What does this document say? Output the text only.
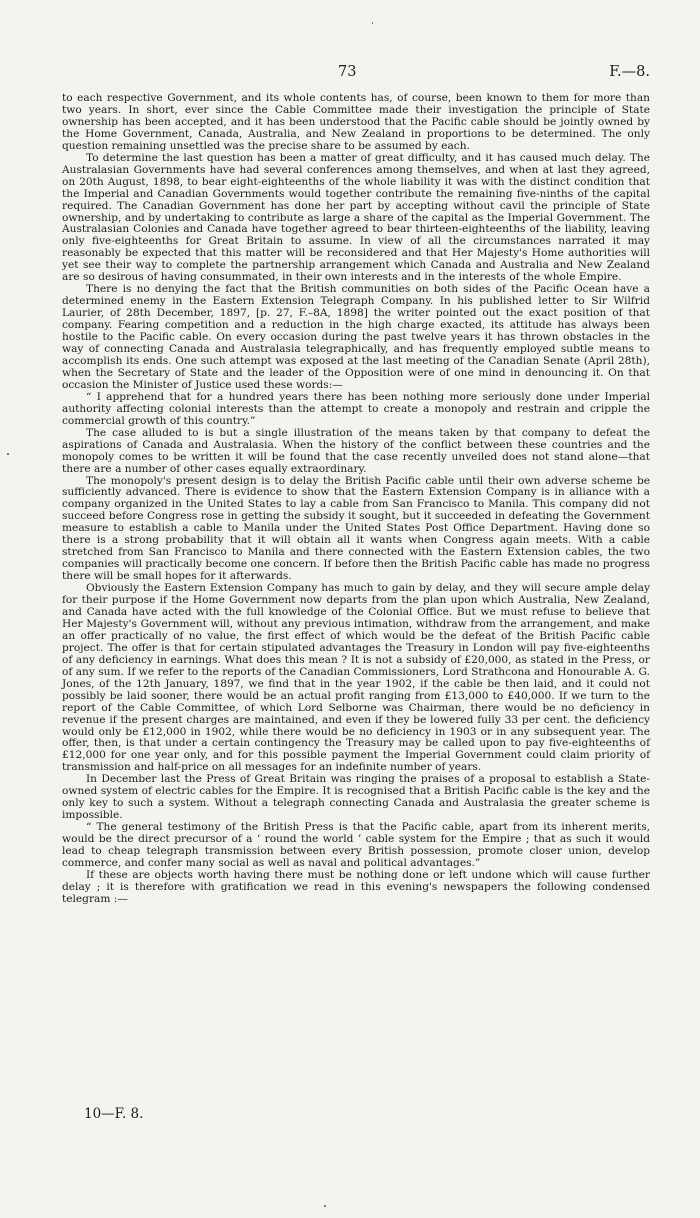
73	F.—8.

to each respective Government, and its whole contents has, of course, been known to them for more than two years. In short, ever since the Cable Committee made their investigation the principle of State ownership has been accepted, and it has been understood that the Pacific cable should be jointly owned by the Home Government, Canada, Australia, and New Zealand in proportions to be determined. The only question remaining unsettled was the precise share to be assumed by each.

To determine the last question has been a matter of great difficulty, and it has caused much delay. The Australasian Governments have had several conferences among themselves, and when at last they agreed, on 20th August, 1898, to bear eight-eighteenths of the whole liability it was with the distinct condition that the Imperial and Canadian Governments would together contribute the remaining five-ninths of the capital required. The Canadian Government has done her part by accepting without cavil the principle of State ownership, and by undertaking to contribute as large a share of the capital as the Imperial Government. The Australasian Colonies and Canada have together agreed to bear thirteen-eighteenths of the liability, leaving only five-eighteenths for Great Britain to assume. In view of all the circumstances narrated it may reasonably be expected that this matter will be reconsidered and that Her Majesty's Home authorities will yet see their way to complete the partnership arrangement which Canada and Australia and New Zealand are so desirous of having consummated, in their own interests and in the interests of the whole Empire.

There is no denying the fact that the British communities on both sides of the Pacific Ocean have a determined enemy in the Eastern Extension Telegraph Company. In his published letter to Sir Wilfrid Laurier, of 28th December, 1897, [p. 27, F.–8A, 1898] the writer pointed out the exact position of that company. Fearing competition and a reduction in the high charge exacted, its attitude has always been hostile to the Pacific cable. On every occasion during the past twelve years it has thrown obstacles in the way of connecting Canada and Australasia telegraphically, and has frequently employed subtle means to accomplish its ends. One such attempt was exposed at the last meeting of the Canadian Senate (April 28th), when the Secretary of State and the leader of the Opposition were of one mind in denouncing it. On that occasion the Minister of Justice used these words:—

“ I apprehend that for a hundred years there has been nothing more seriously done under Imperial authority affecting colonial interests than the attempt to create a monopoly and restrain and cripple the commercial growth of this country.”

The case alluded to is but a single illustration of the means taken by that company to defeat the aspirations of Canada and Australasia. When the history of the conflict between these countries and the monopoly comes to be written it will be found that the case recently unveiled does not stand alone—that there are a number of other cases equally extraordinary.

The monopoly's present design is to delay the British Pacific cable until their own adverse scheme be sufficiently advanced. There is evidence to show that the Eastern Extension Company is in alliance with a company organized in the United States to lay a cable from San Francisco to Manila. This company did not succeed before Congress rose in getting the subsidy it sought, but it succeeded in defeating the Government measure to establish a cable to Manila under the United States Post Office Department. Having done so there is a strong probability that it will obtain all it wants when Congress again meets. With a cable stretched from San Francisco to Manila and there connected with the Eastern Extension cables, the two companies will practically become one concern. If before then the British Pacific cable has made no progress there will be small hopes for it afterwards.

Obviously the Eastern Extension Company has much to gain by delay, and they will secure ample delay for their purpose if the Home Government now departs from the plan upon which Australia, New Zealand, and Canada have acted with the full knowledge of the Colonial Office. But we must refuse to believe that Her Majesty's Government will, without any previous intimation, withdraw from the arrangement, and make an offer practically of no value, the first effect of which would be the defeat of the British Pacific cable project. The offer is that for certain stipulated advantages the Treasury in London will pay five-eighteenths of any deficiency in earnings. What does this mean ? It is not a subsidy of £20,000, as stated in the Press, or of any sum. If we refer to the reports of the Canadian Commissioners, Lord Strathcona and Honourable A. G. Jones, of the 12th January, 1897, we find that in the year 1902, if the cable be then laid, and it could not possibly be laid sooner, there would be an actual profit ranging from £13,000 to £40,000. If we turn to the report of the Cable Committee, of which Lord Selborne was Chairman, there would be no deficiency in revenue if the present charges are maintained, and even if they be lowered fully 33 per cent. the deficiency would only be £12,000 in 1902, while there would be no deficiency in 1903 or in any subsequent year. The offer, then, is that under a certain contingency the Treasury may be called upon to pay five-eighteenths of £12,000 for one year only, and for this possible payment the Imperial Government could claim priority of transmission and half-price on all messages for an indefinite number of years.

In December last the Press of Great Britain was ringing the praises of a proposal to establish a State-owned system of electric cables for the Empire. It is recognised that a British Pacific cable is the key and the only key to such a system. Without a telegraph connecting Canada and Australasia the greater scheme is impossible.

“ The general testimony of the British Press is that the Pacific cable, apart from its inherent merits, would be the direct precursor of a ‘ round the world ’ cable system for the Empire ; that as such it would lead to cheap telegraph transmission between every British possession, promote closer union, develop commerce, and confer many social as well as naval and political advantages.”

If these are objects worth having there must be nothing done or left undone which will cause further delay ; it is therefore with gratification we read in this evening's newspapers the following condensed telegram :—

10—F. 8.
